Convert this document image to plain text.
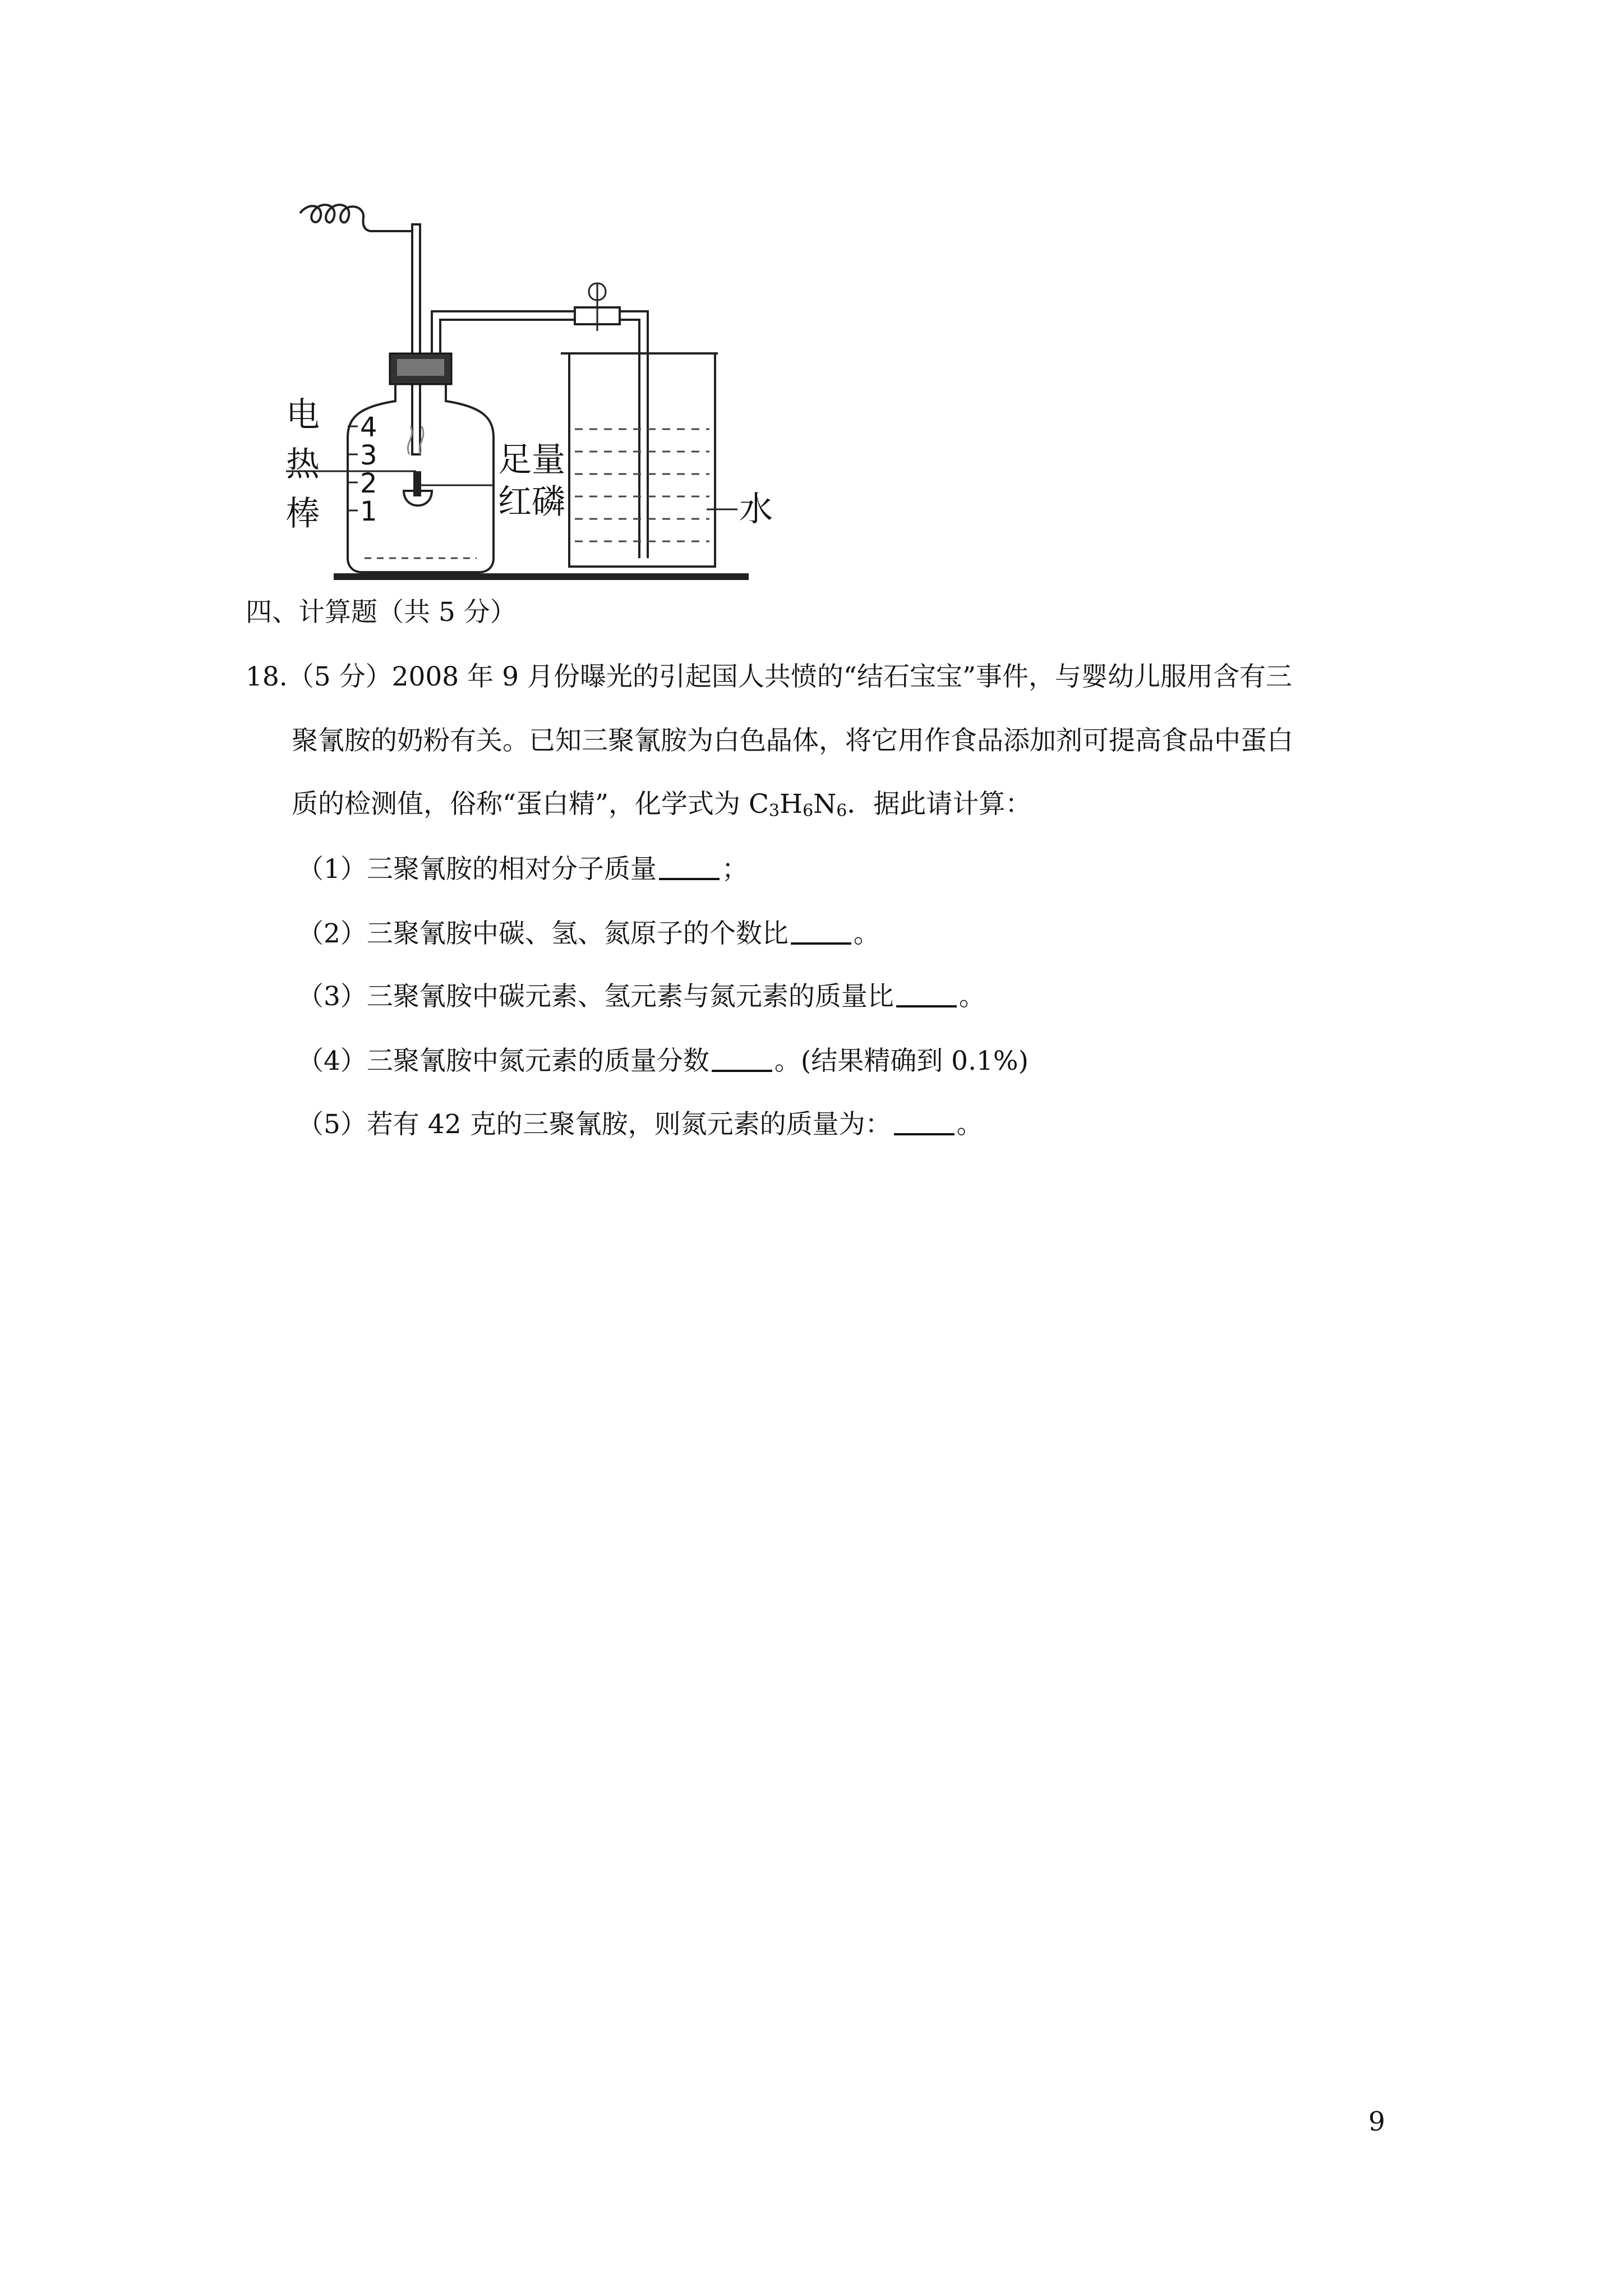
4
3
2
1
电
热
棒
足量
红磷	水
四、计算题（共 5 分）
18.（5 分）2008 年 9 月份曝光的引起国人共愤的“结石宝宝”事件，与婴幼儿服用含有三
聚氰胺的奶粉有关。已知三聚氰胺为白色晶体，将它用作食品添加剂可提高食品中蛋白
质的检测值，俗称“蛋白精”，化学式为 $C_3H_6N_6$．据此请计算：
（1）三聚氰胺的相对分子质量 ；
（2）三聚氰胺中碳、氢、氮原子的个数比 。
（3）三聚氰胺中碳元素、氢元素与氮元素的质量比 。
（4）三聚氰胺中氮元素的质量分数 。(结果精确到 0.1%)
（5）若有 42 克的三聚氰胺，则氮元素的质量为： 。
9
